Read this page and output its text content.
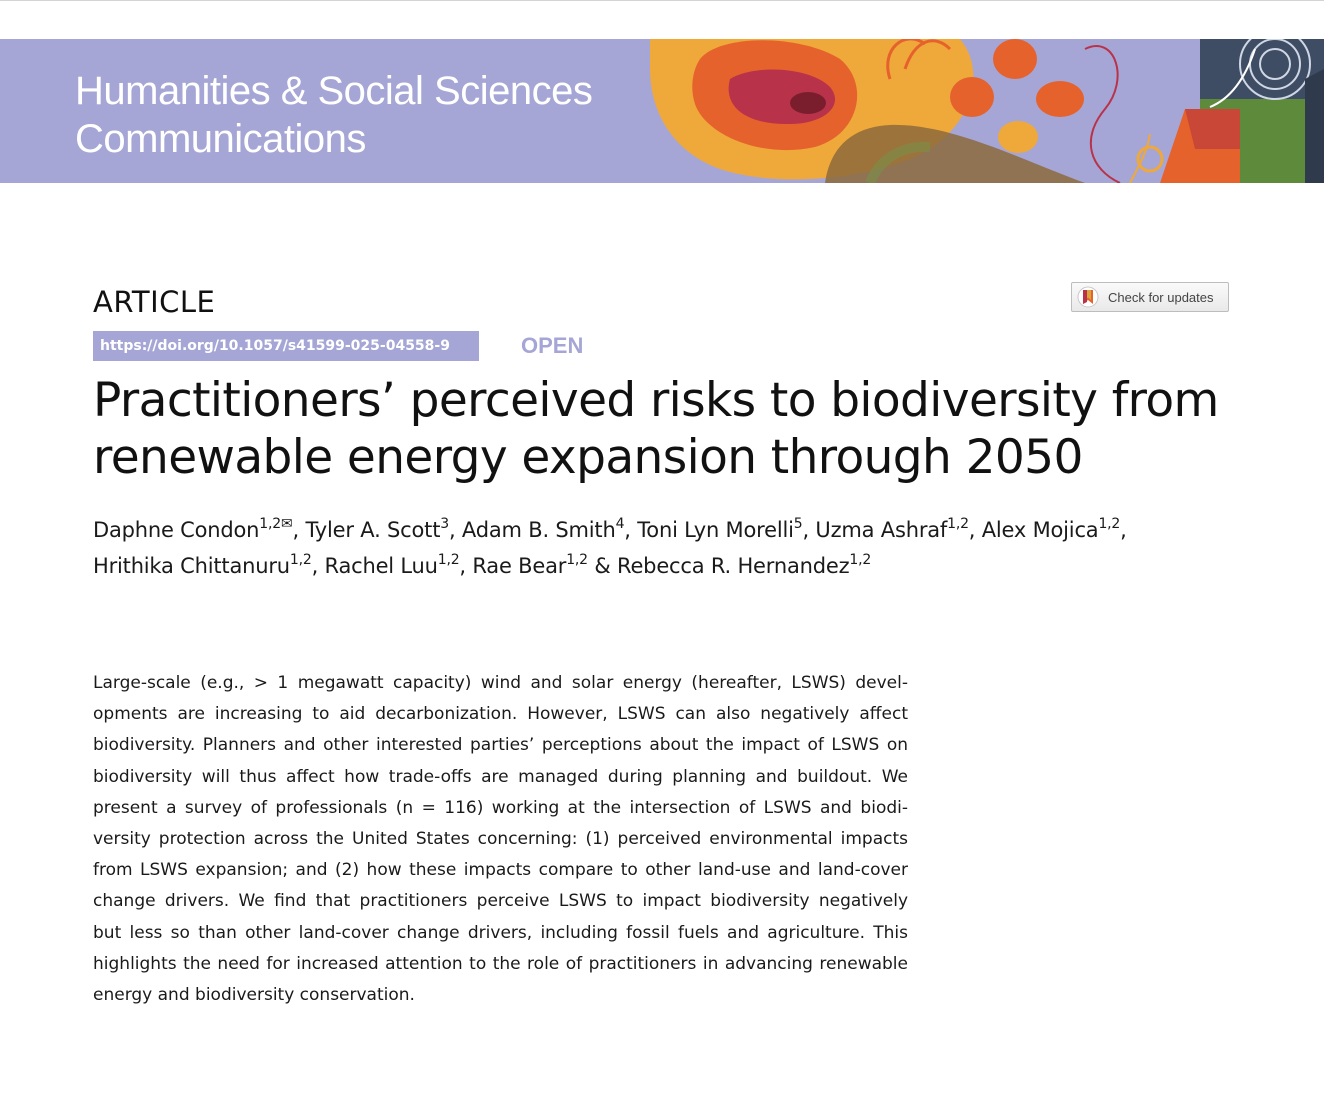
Humanities & Social Sciences
Communications
ARTICLE
https://doi.org/10.1057/s41599-025-04558-9	OPEN
Check for updates
Practitioners’ perceived risks to biodiversity from
renewable energy expansion through 2050
Daphne Condon$^{1,2✉}$, Tyler A. Scott$^3$, Adam B. Smith$^4$, Toni Lyn Morelli$^5$, Uzma Ashraf$^{1,2}$, Alex Mojica$^{1,2}$,
Hrithika Chittanuru$^{1,2}$, Rachel Luu$^{1,2}$, Rae Bear$^{1,2}$ & Rebecca R. Hernandez$^{1,2}$
Large-scale (e.g., > 1 megawatt capacity) wind and solar energy (hereafter, LSWS) devel-
opments are increasing to aid decarbonization. However, LSWS can also negatively affect
biodiversity. Planners and other interested parties’ perceptions about the impact of LSWS on
biodiversity will thus affect how trade-offs are managed during planning and buildout. We
present a survey of professionals (n = 116) working at the intersection of LSWS and biodi-
versity protection across the United States concerning: (1) perceived environmental impacts
from LSWS expansion; and (2) how these impacts compare to other land-use and land-cover
change drivers. We find that practitioners perceive LSWS to impact biodiversity negatively
but less so than other land-cover change drivers, including fossil fuels and agriculture. This
highlights the need for increased attention to the role of practitioners in advancing renewable
energy and biodiversity conservation.
